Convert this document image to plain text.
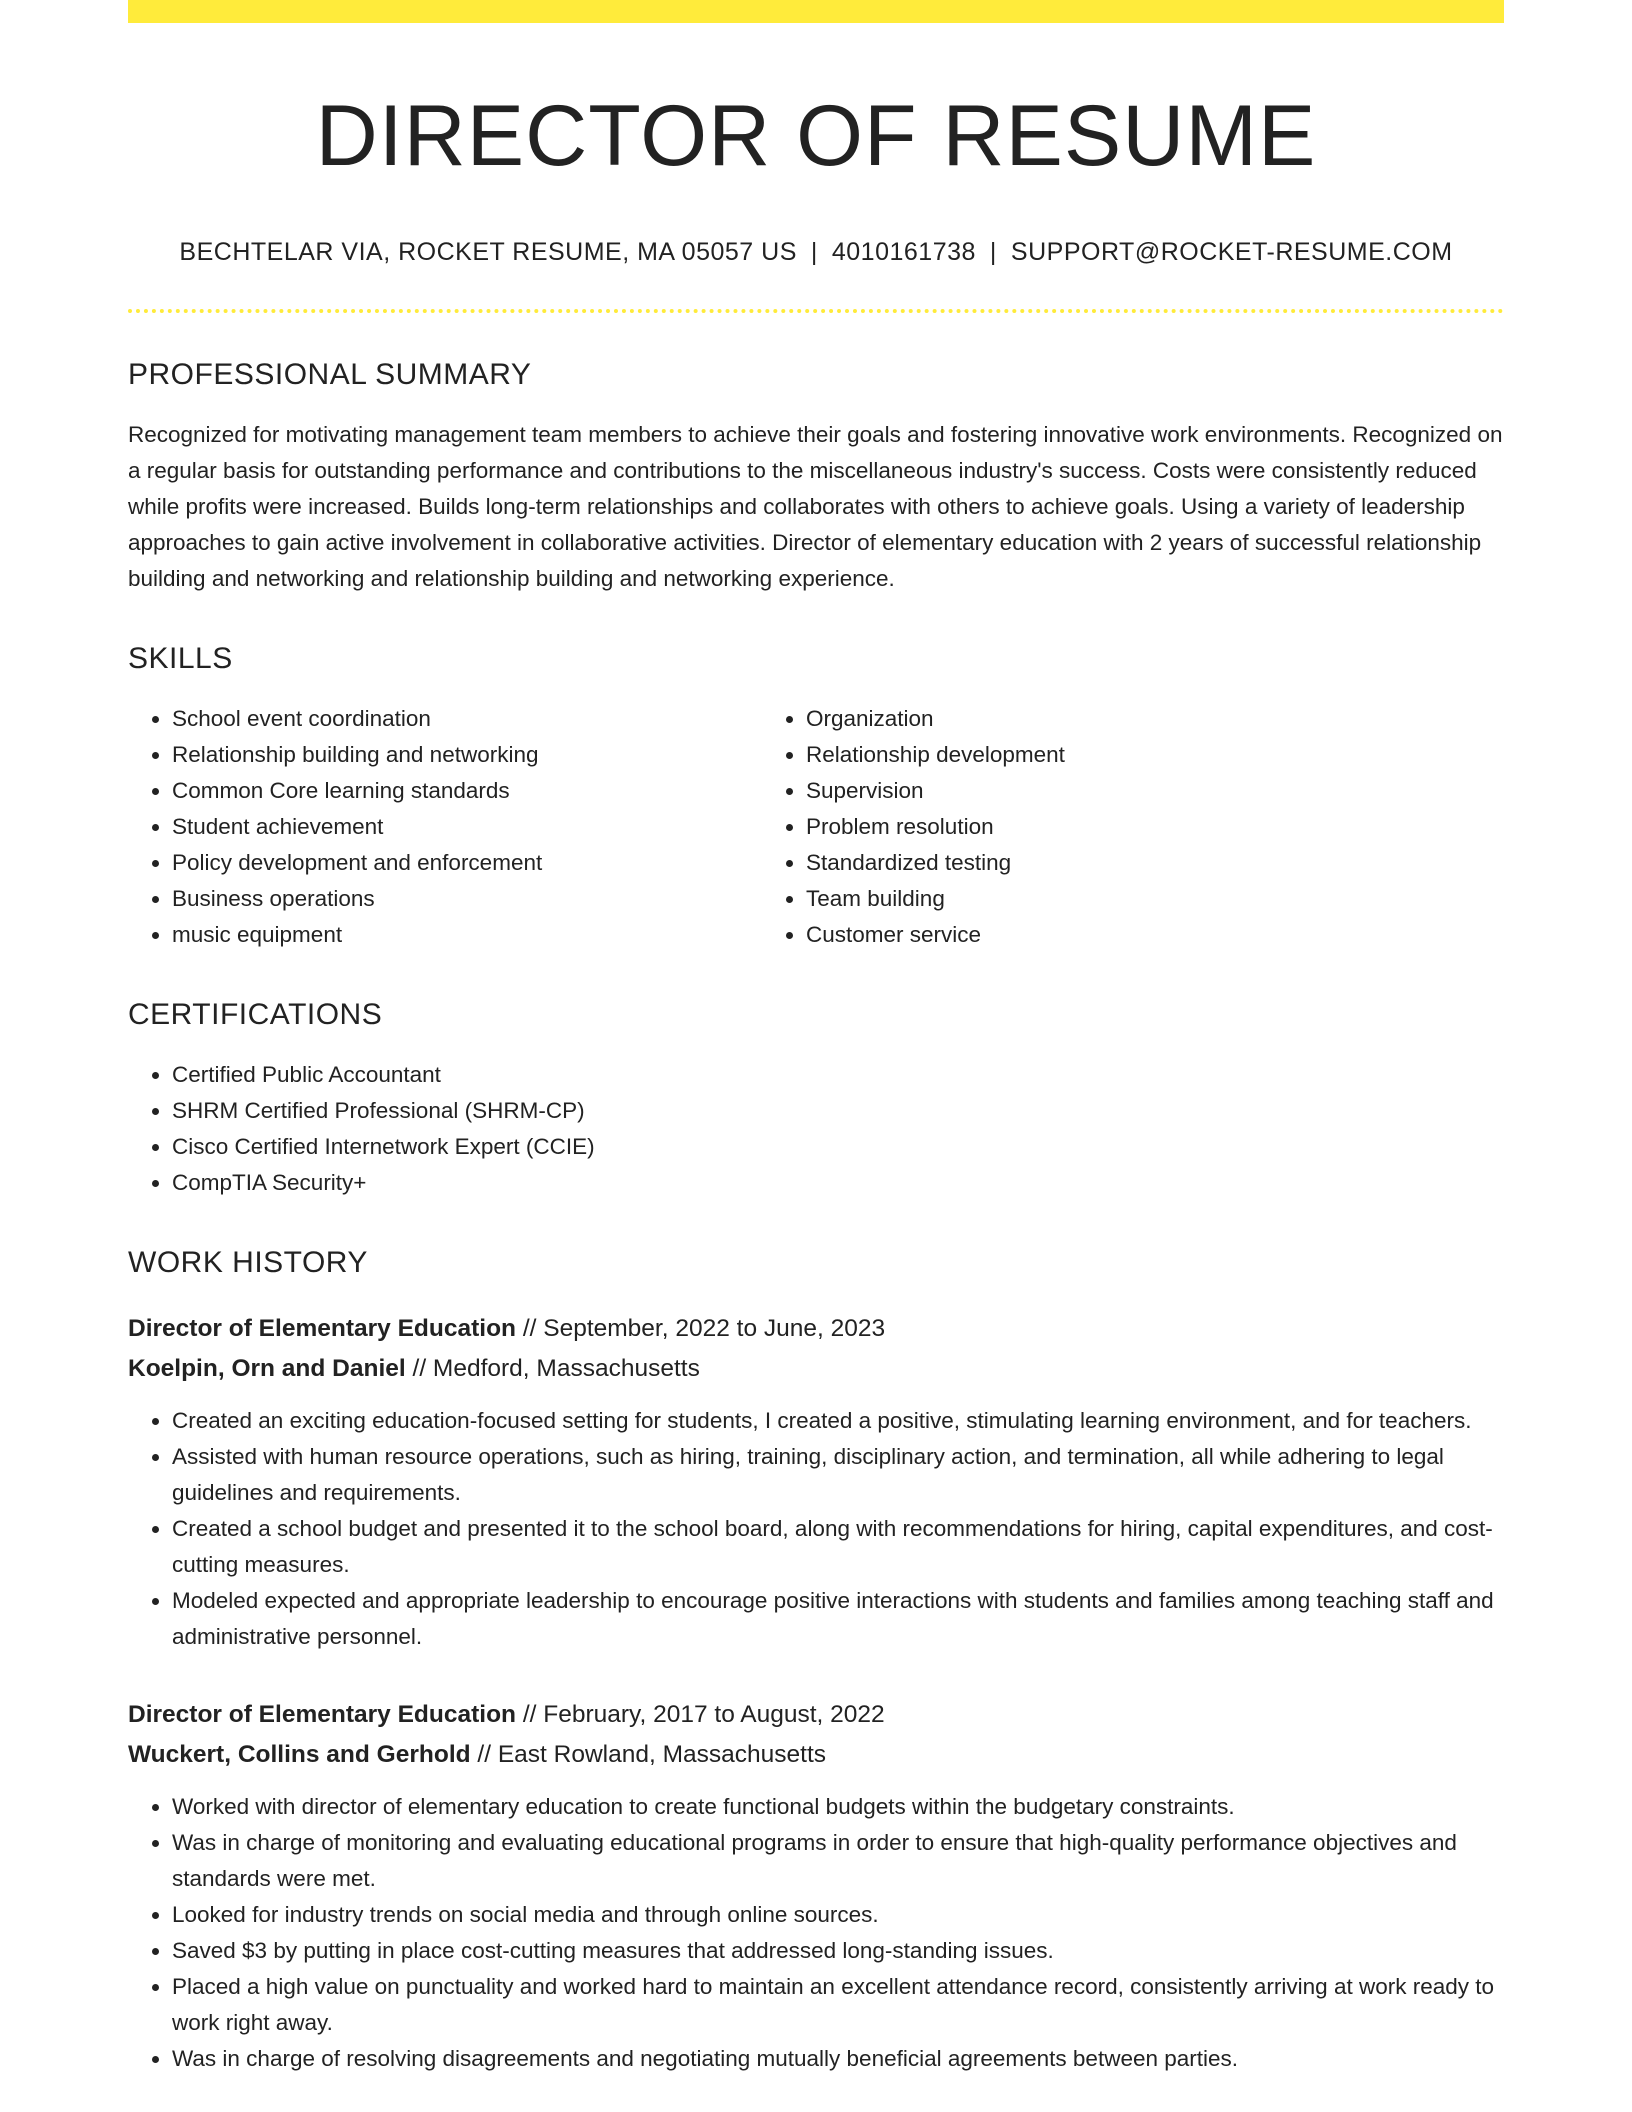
DIRECTOR OF RESUME
BECHTELAR VIA, ROCKET RESUME, MA 05057 US | 4010161738 | SUPPORT@ROCKET-RESUME.COM
PROFESSIONAL SUMMARY

Recognized for motivating management team members to achieve their goals and fostering innovative work environments. Recognized on a regular basis for outstanding performance and contributions to the miscellaneous industry's success. Costs were consistently reduced while profits were increased. Builds long-term relationships and collaborates with others to achieve goals. Using a variety of leadership approaches to gain active involvement in collaborative activities. Director of elementary education with 2 years of successful relationship building and networking and relationship building and networking experience.

SKILLS
• School event coordination
• Relationship building and networking
• Common Core learning standards
• Student achievement
• Policy development and enforcement
• Business operations
• music equipment
• Organization
• Relationship development
• Supervision
• Problem resolution
• Standardized testing
• Team building
• Customer service
CERTIFICATIONS
• Certified Public Accountant
• SHRM Certified Professional (SHRM-CP)
• Cisco Certified Internetwork Expert (CCIE)
• CompTIA Security+
WORK HISTORY
Director of Elementary Education // September, 2022 to June, 2023
Koelpin, Orn and Daniel // Medford, Massachusetts
• Created an exciting education-focused setting for students, I created a positive, stimulating learning environment, and for teachers.
• Assisted with human resource operations, such as hiring, training, disciplinary action, and termination, all while adhering to legal guidelines and requirements.
• Created a school budget and presented it to the school board, along with recommendations for hiring, capital expenditures, and cost-cutting measures.
• Modeled expected and appropriate leadership to encourage positive interactions with students and families among teaching staff and administrative personnel.
Director of Elementary Education // February, 2017 to August, 2022
Wuckert, Collins and Gerhold // East Rowland, Massachusetts
• Worked with director of elementary education to create functional budgets within the budgetary constraints.
• Was in charge of monitoring and evaluating educational programs in order to ensure that high-quality performance objectives and standards were met.
• Looked for industry trends on social media and through online sources.
• Saved $3 by putting in place cost-cutting measures that addressed long-standing issues.
• Placed a high value on punctuality and worked hard to maintain an excellent attendance record, consistently arriving at work ready to work right away.
• Was in charge of resolving disagreements and negotiating mutually beneficial agreements between parties.
